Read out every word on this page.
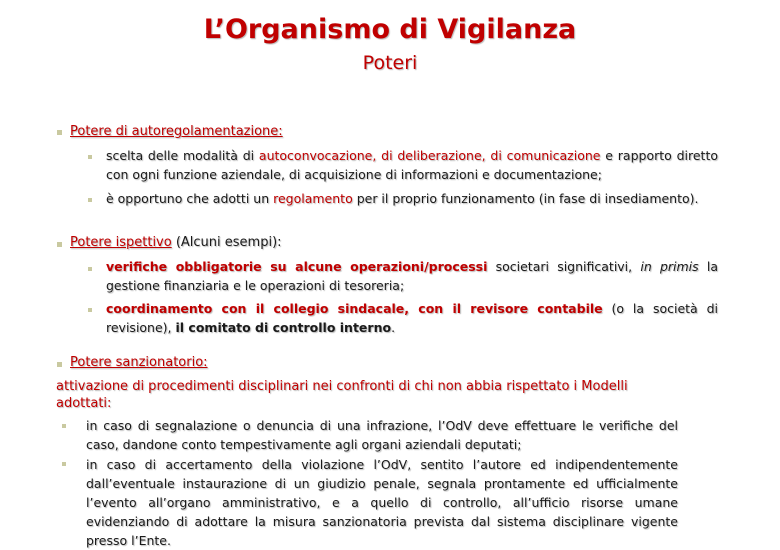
L’Organismo di Vigilanza
Poteri
Potere di autoregolamentazione:
scelta delle modalità di autoconvocazione, di deliberazione, di comunicazione e rapporto diretto con ogni funzione aziendale, di acquisizione di informazioni e documentazione;
è opportuno che adotti un regolamento per il proprio funzionamento (in fase di insediamento).
Potere ispettivo (Alcuni esempi):
verifiche obbligatorie su alcune operazioni/processi societari significativi, in primis la gestione finanziaria e le operazioni di tesoreria;
coordinamento con il collegio sindacale, con il revisore contabile (o la società di revisione), il comitato di controllo interno.
Potere sanzionatorio:
attivazione di procedimenti disciplinari nei confronti di chi non abbia rispettato i Modelli adottati:
in caso di segnalazione o denuncia di una infrazione, l’OdV deve effettuare le verifiche del caso, dandone conto tempestivamente agli organi aziendali deputati;
in caso di accertamento della violazione l’OdV, sentito l’autore ed indipendentemente dall’eventuale instaurazione di un giudizio penale, segnala prontamente ed ufficialmente l’evento all’organo amministrativo, e a quello di controllo, all’ufficio risorse umane evidenziando di adottare la misura sanzionatoria prevista dal sistema disciplinare vigente presso l’Ente.
